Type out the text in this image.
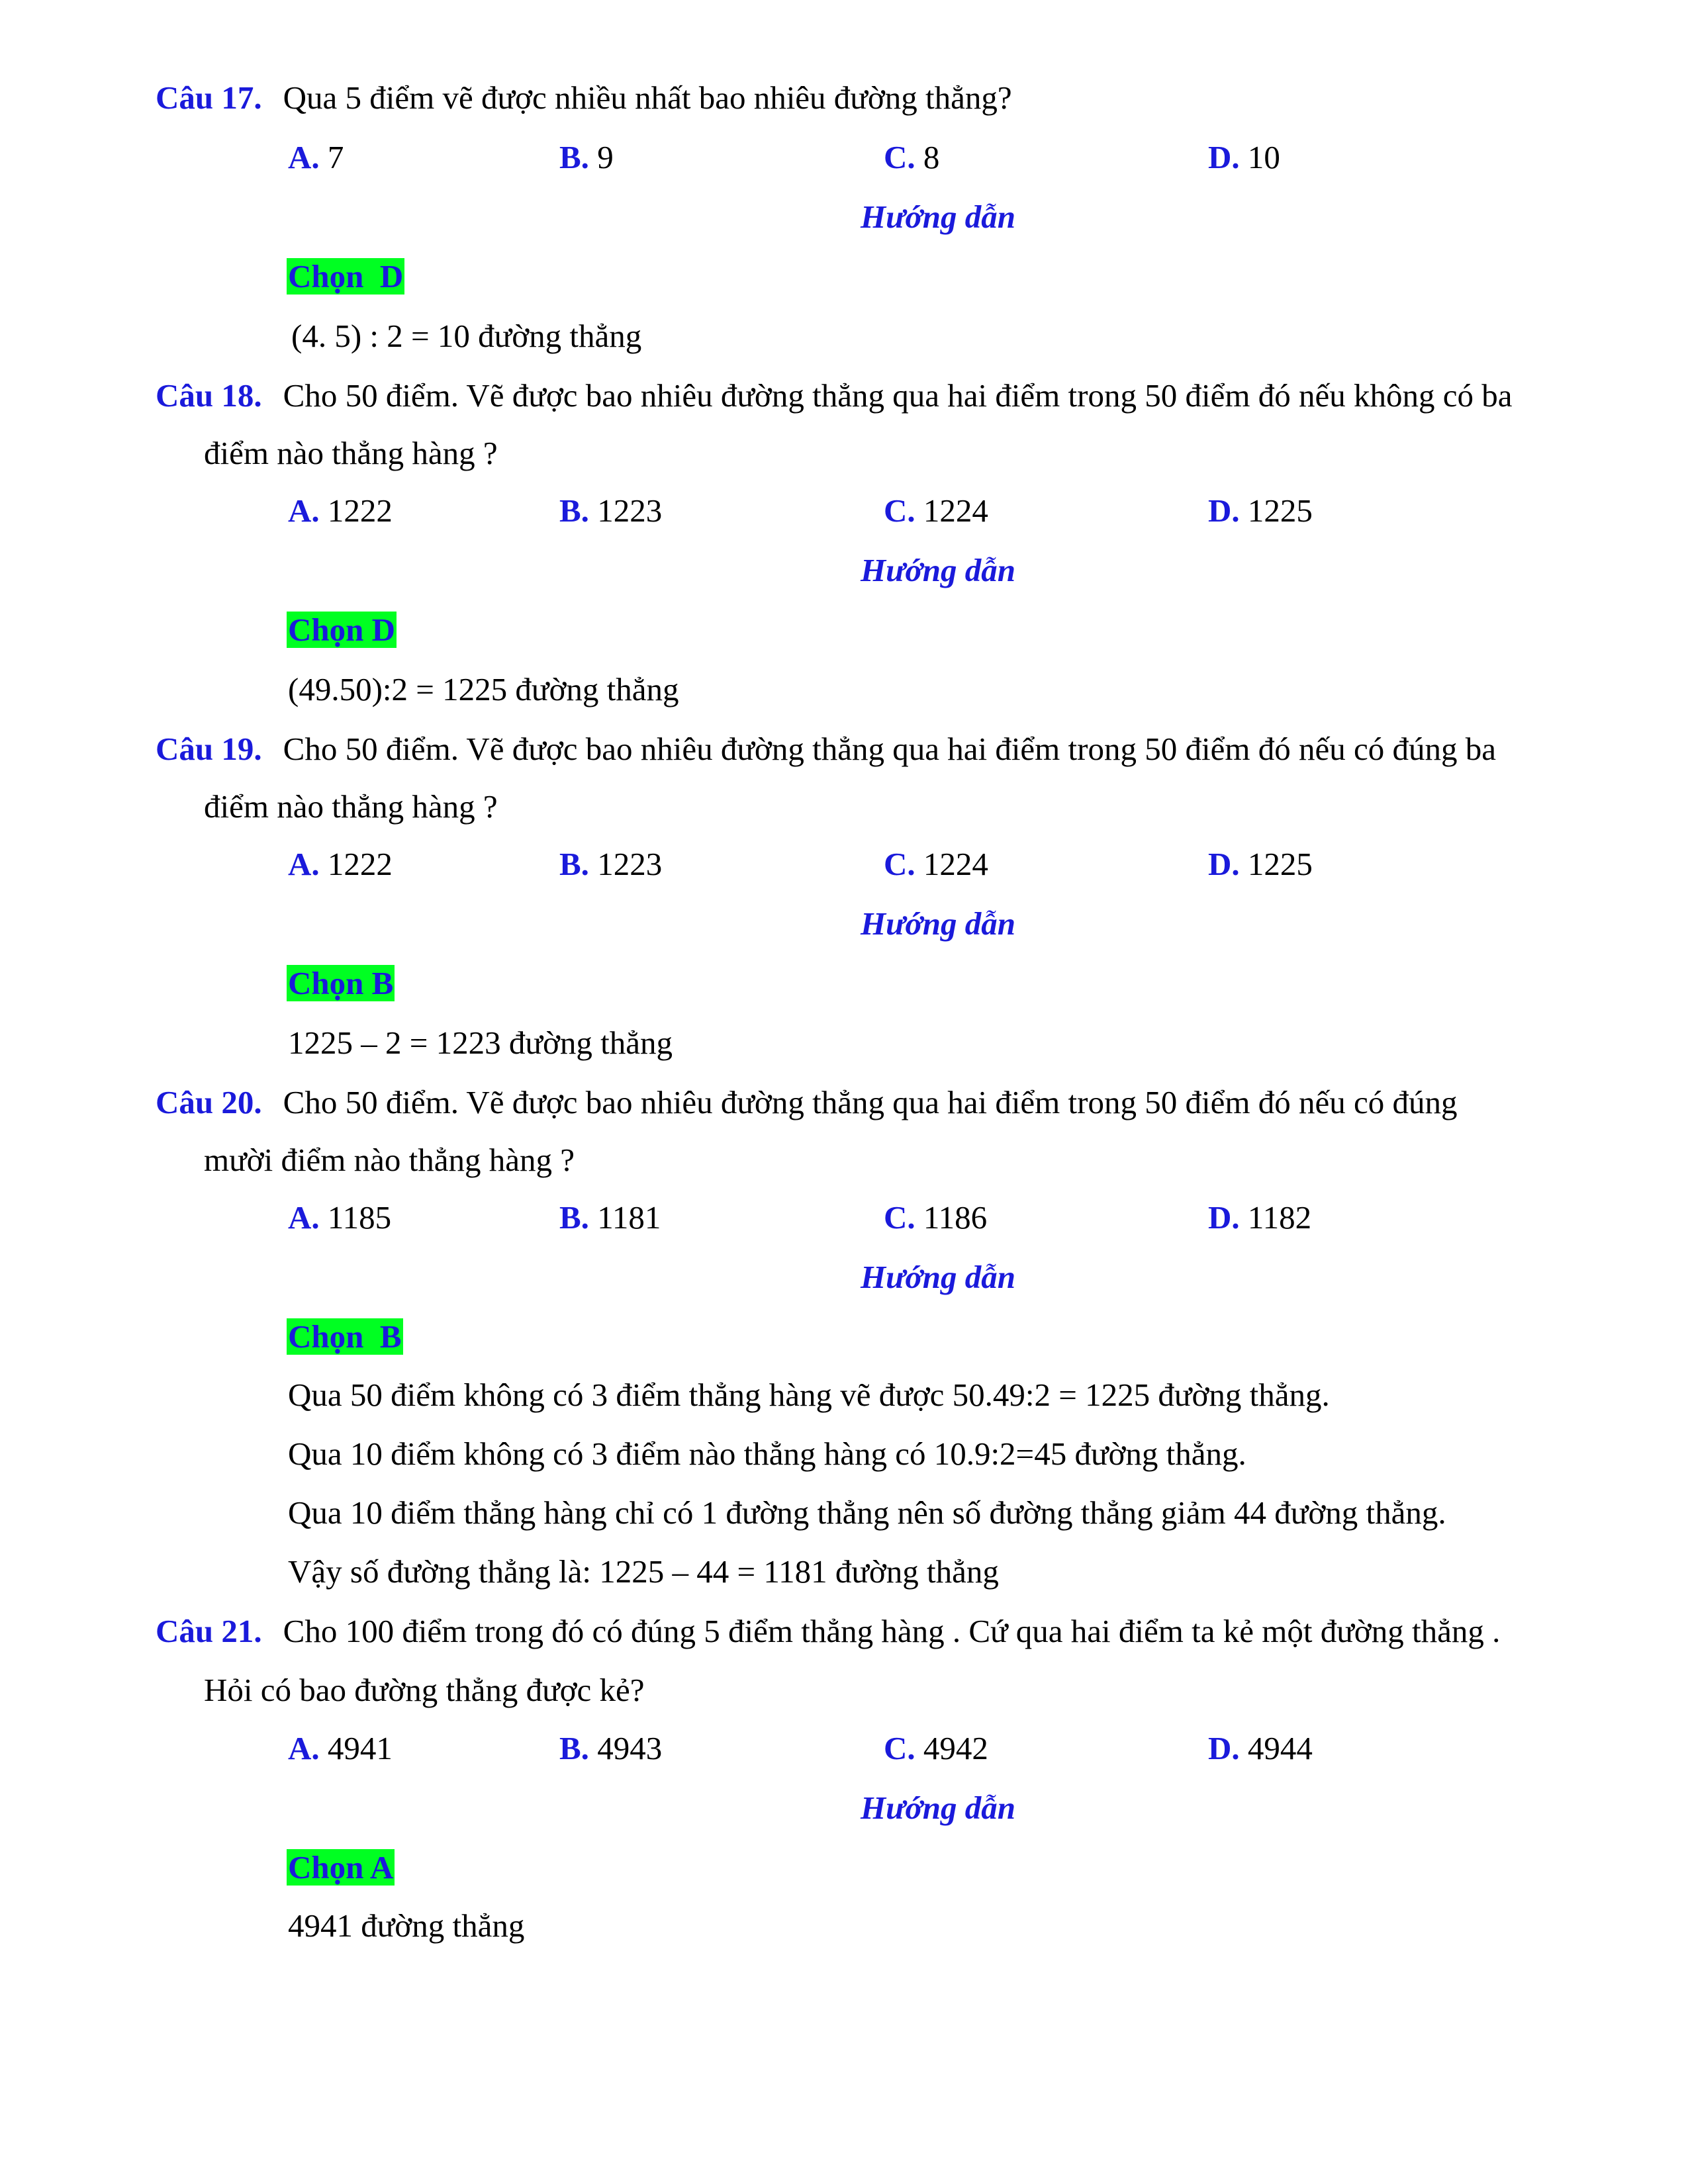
Câu 17. Qua 5 điểm vẽ được nhiều nhất bao nhiêu đường thẳng?
A. 7	B. 9	C. 8	D. 10
Hướng dẫn
Chọn  D
(4. 5) : 2 = 10 đường thẳng
Câu 18. Cho 50 điểm. Vẽ được bao nhiêu đường thẳng qua hai điểm trong 50 điểm đó nếu không có ba
điểm nào thẳng hàng ?
A. 1222	B. 1223	C. 1224	D. 1225
Hướng dẫn
Chọn D
(49.50):2 = 1225 đường thẳng
Câu 19. Cho 50 điểm. Vẽ được bao nhiêu đường thẳng qua hai điểm trong 50 điểm đó nếu có đúng ba
điểm nào thẳng hàng ?
A. 1222	B. 1223	C. 1224	D. 1225
Hướng dẫn
Chọn B
1225 – 2 = 1223 đường thẳng
Câu 20. Cho 50 điểm. Vẽ được bao nhiêu đường thẳng qua hai điểm trong 50 điểm đó nếu có đúng
mười điểm nào thẳng hàng ?
A. 1185	B. 1181	C. 1186	D. 1182
Hướng dẫn
Chọn  B
Qua 50 điểm không có 3 điểm thẳng hàng vẽ được 50.49:2 = 1225 đường thẳng.
Qua 10 điểm không có 3 điểm nào thẳng hàng có 10.9:2=45 đường thẳng.
Qua 10 điểm thẳng hàng chỉ có 1 đường thẳng nên số đường thẳng giảm 44 đường thẳng.
Vậy số đường thẳng là: 1225 – 44 = 1181 đường thẳng
Câu 21. Cho 100 điểm trong đó có đúng 5 điểm thẳng hàng . Cứ qua hai điểm ta kẻ một đường thẳng .
Hỏi có bao đường thẳng được kẻ?
A. 4941	B. 4943	C. 4942	D. 4944
Hướng dẫn
Chọn A
4941 đường thẳng
